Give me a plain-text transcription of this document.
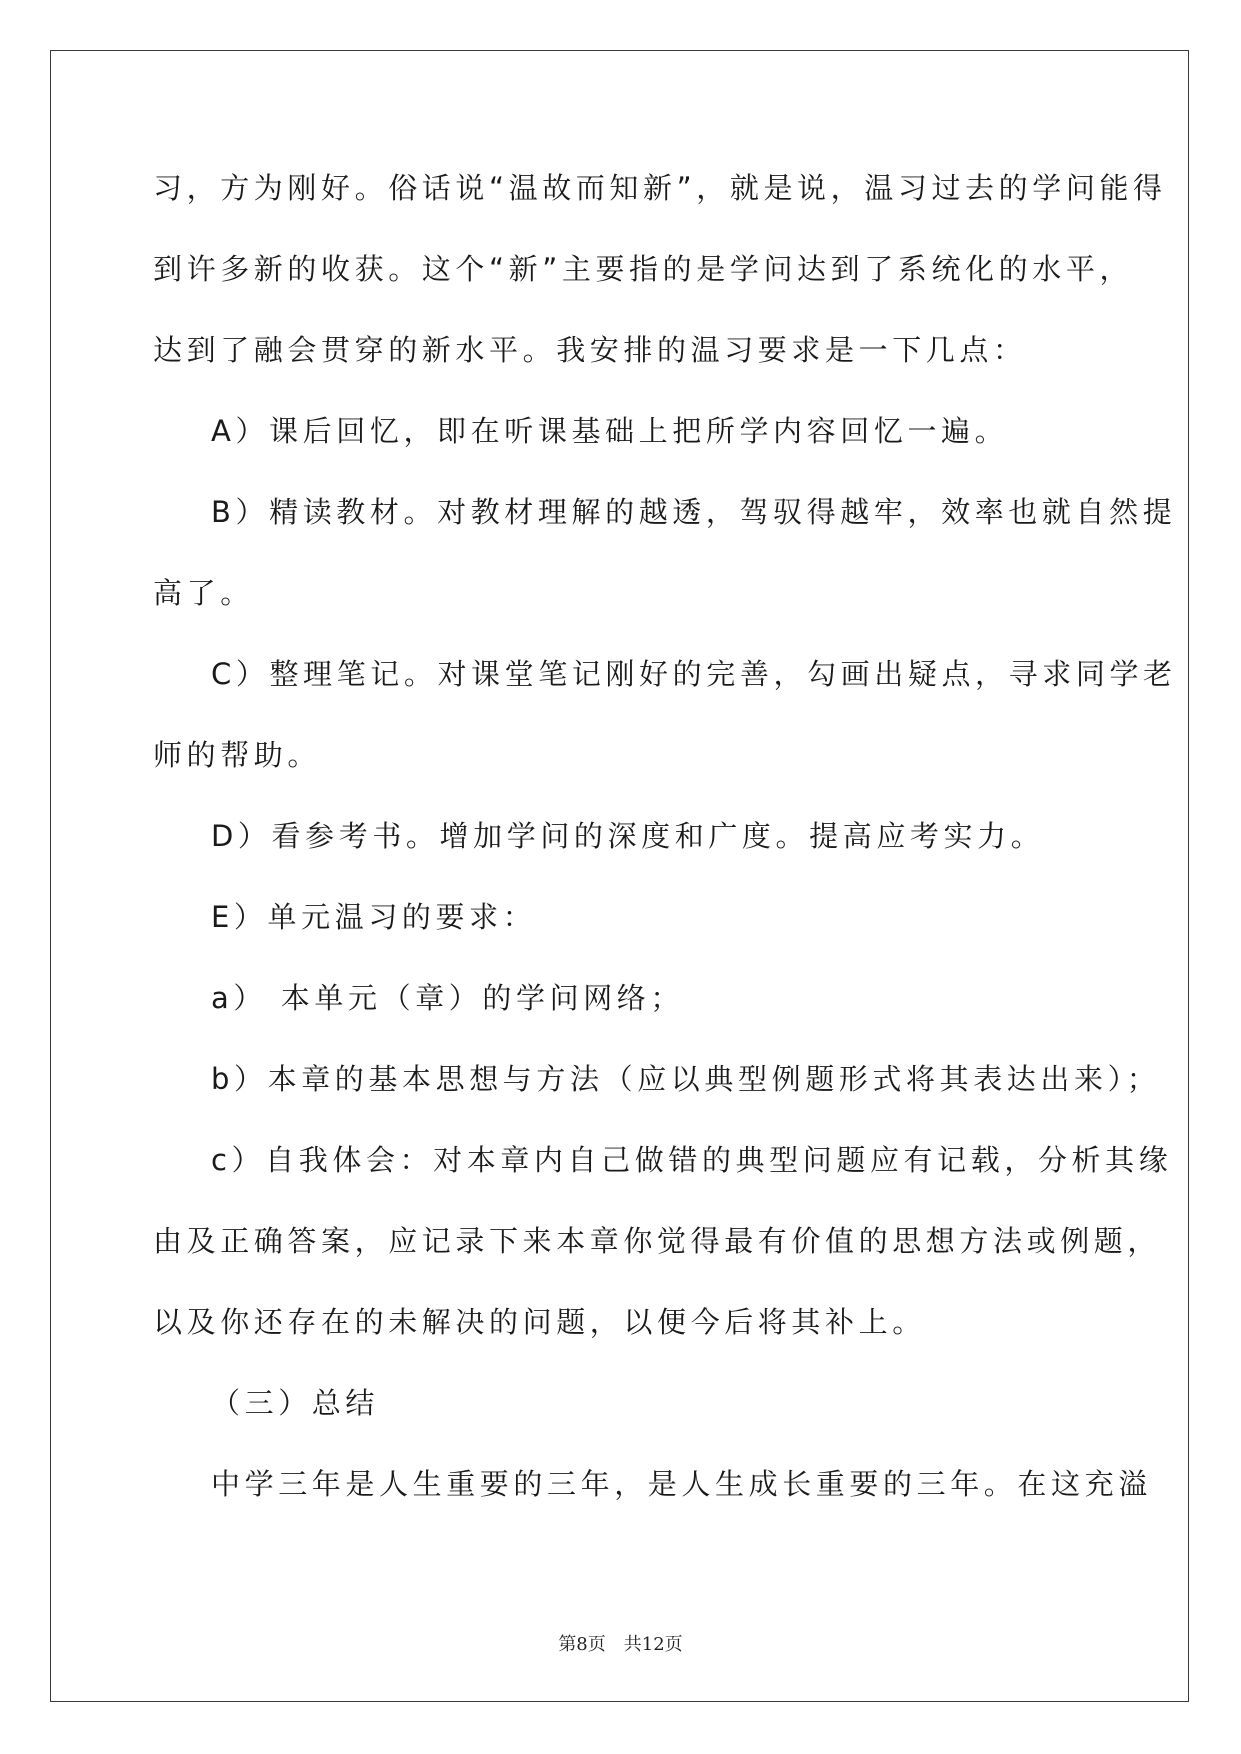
习，方为刚好。俗话说“温故而知新”，就是说，温习过去的学问能得
到许多新的收获。这个“新”主要指的是学问达到了系统化的水平，
达到了融会贯穿的新水平。我安排的温习要求是一下几点：
A）课后回忆，即在听课基础上把所学内容回忆一遍。
B）精读教材。对教材理解的越透，驾驭得越牢，效率也就自然提
高了。
C）整理笔记。对课堂笔记刚好的完善，勾画出疑点，寻求同学老
师的帮助。
D）看参考书。增加学问的深度和广度。提高应考实力。
E）单元温习的要求：
a） 本单元（章）的学问网络；
b）本章的基本思想与方法（应以典型例题形式将其表达出来）；
c）自我体会：对本章内自己做错的典型问题应有记载，分析其缘
由及正确答案，应记录下来本章你觉得最有价值的思想方法或例题，
以及你还存在的未解决的问题，以便今后将其补上。
（三）总结
中学三年是人生重要的三年，是人生成长重要的三年。在这充溢
第8页　共12页
